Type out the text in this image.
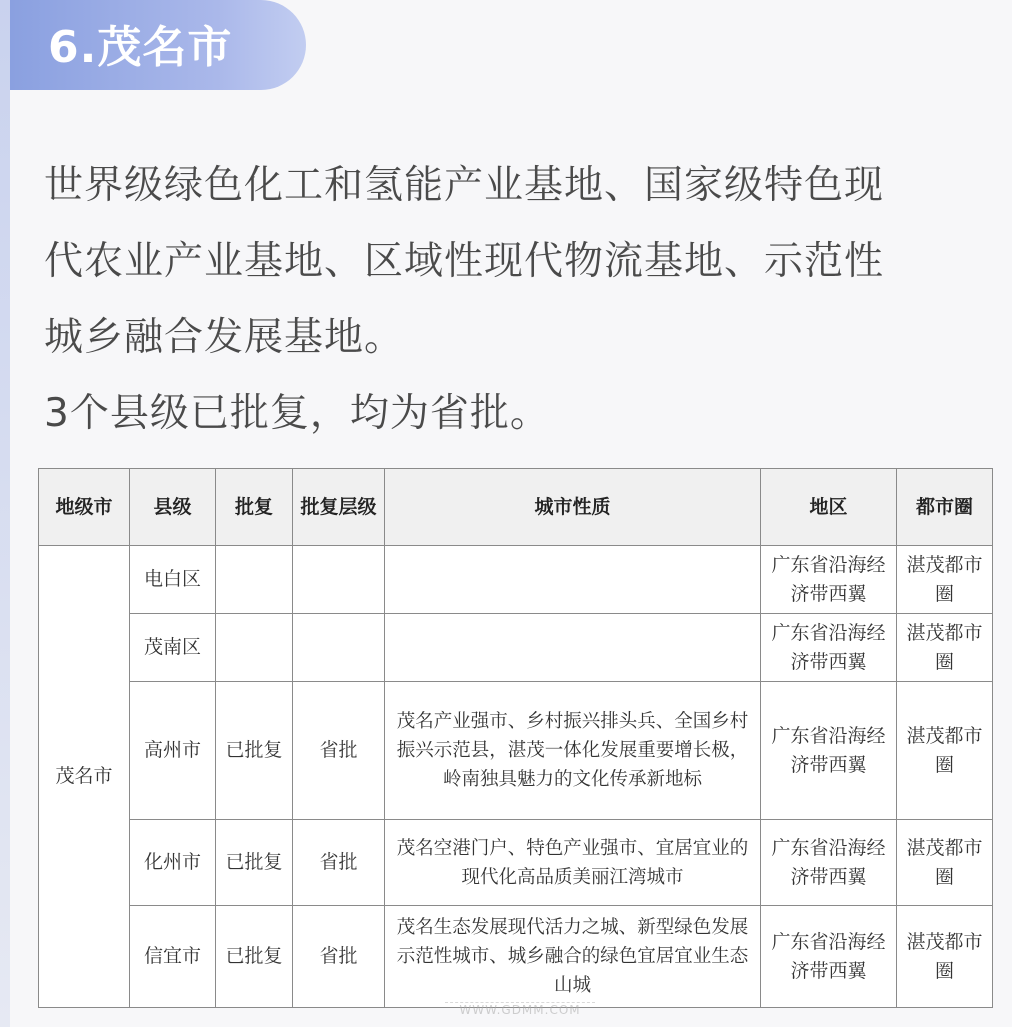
6.茂名市

世界级绿色化工和氢能产业基地、国家级特色现

代农业产业基地、区域性现代物流基地、示范性

城乡融合发展基地。

3个县级已批复，均为省批。

地级市	县级	批复	批复层级	城市性质	地区	都市圈
茂名市	电白区				广东省沿海经济带西翼	湛茂都市圈
	茂南区				广东省沿海经济带西翼	湛茂都市圈
	高州市	已批复	省批	茂名产业强市、乡村振兴排头兵、全国乡村振兴示范县，湛茂一体化发展重要增长极，岭南独具魅力的文化传承新地标	广东省沿海经济带西翼	湛茂都市圈
	化州市	已批复	省批	茂名空港门户、特色产业强市、宜居宜业的现代化高品质美丽江湾城市	广东省沿海经济带西翼	湛茂都市圈
	信宜市	已批复	省批	茂名生态发展现代活力之城、新型绿色发展示范性城市、城乡融合的绿色宜居宜业生态山城	广东省沿海经济带西翼	湛茂都市圈
WWW.GDMM.COM
